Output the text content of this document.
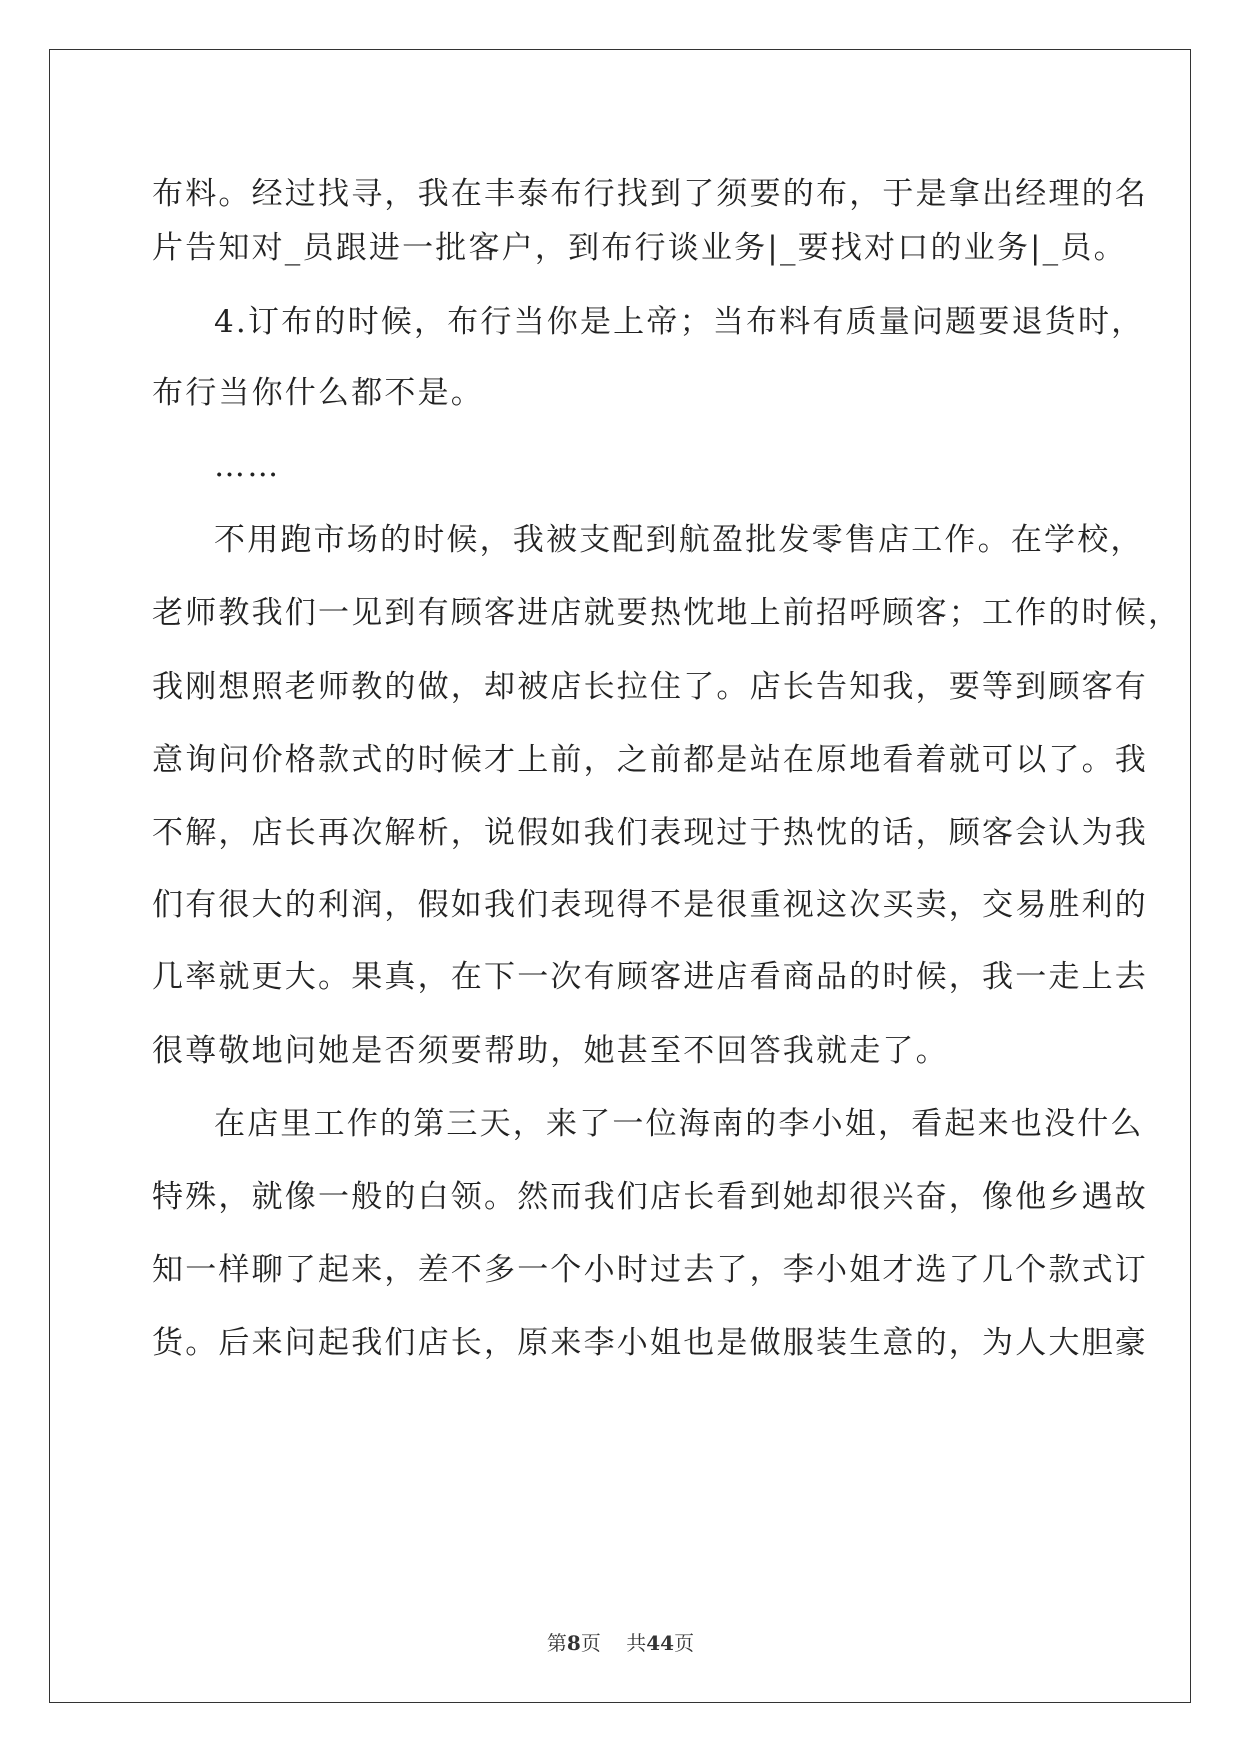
布料。经过找寻，我在丰泰布行找到了须要的布，于是拿出经理的名
片告知对_员跟进一批客户，到布行谈业务|_要找对口的业务|_员。
4.订布的时候，布行当你是上帝；当布料有质量问题要退货时，
布行当你什么都不是。
……
不用跑市场的时候，我被支配到航盈批发零售店工作。在学校，
老师教我们一见到有顾客进店就要热忱地上前招呼顾客；工作的时候，
我刚想照老师教的做，却被店长拉住了。店长告知我，要等到顾客有
意询问价格款式的时候才上前，之前都是站在原地看着就可以了。我
不解，店长再次解析，说假如我们表现过于热忱的话，顾客会认为我
们有很大的利润，假如我们表现得不是很重视这次买卖，交易胜利的
几率就更大。果真，在下一次有顾客进店看商品的时候，我一走上去
很尊敬地问她是否须要帮助，她甚至不回答我就走了。
在店里工作的第三天，来了一位海南的李小姐，看起来也没什么
特殊，就像一般的白领。然而我们店长看到她却很兴奋，像他乡遇故
知一样聊了起来，差不多一个小时过去了，李小姐才选了几个款式订
货。后来问起我们店长，原来李小姐也是做服装生意的，为人大胆豪
第8页 共44页
